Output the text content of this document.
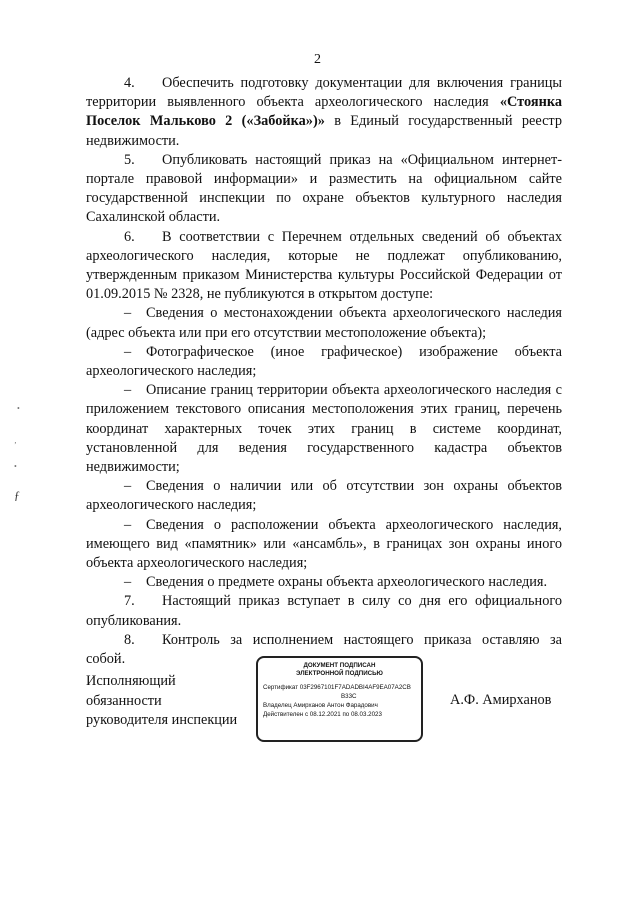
2

4. Обеспечить подготовку документации для включения границы территории выявленного объекта археологического наследия «Стоянка Поселок Мальково 2 («Забойка»)» в Единый государственный реестр недвижимости.

5. Опубликовать настоящий приказ на «Официальном интернет-портале правовой информации» и разместить на официальном сайте государственной инспекции по охране объектов культурного наследия Сахалинской области.

6. В соответствии с Перечнем отдельных сведений об объектах археологического наследия, которые не подлежат опубликованию, утвержденным приказом Министерства культуры Российской Федерации от 01.09.2015 № 2328, не публикуются в открытом доступе:

– Сведения о местонахождении объекта археологического наследия (адрес объекта или при его отсутствии местоположение объекта);

– Фотографическое (иное графическое) изображение объекта археологического наследия;

– Описание границ территории объекта археологического наследия с приложением текстового описания местоположения этих границ, перечень координат характерных точек этих границ в системе координат, установленной для ведения государственного кадастра объектов недвижимости;

– Сведения о наличии или об отсутствии зон охраны объектов археологического наследия;

– Сведения о расположении объекта археологического наследия, имеющего вид «памятник» или «ансамбль», в границах зон охраны иного объекта археологического наследия;

– Сведения о предмете охраны объекта археологического наследия.

7. Настоящий приказ вступает в силу со дня его официального опубликования.

8. Контроль за исполнением настоящего приказа оставляю за собой.

Исполняющий
обязанности
руководителя инспекции
ДОКУМЕНТ ПОДПИСАН
ЭЛЕКТРОННОЙ ПОДПИСЬЮ
Сертификат 03F2967101F7ADADBI4AF9EA07A2CB
B33C
Владелец Амирханов Антон Фарадович
Действителен с 08.12.2021 по 08.03.2023
А.Ф. Амирханов
•
‚
•
ƒ
